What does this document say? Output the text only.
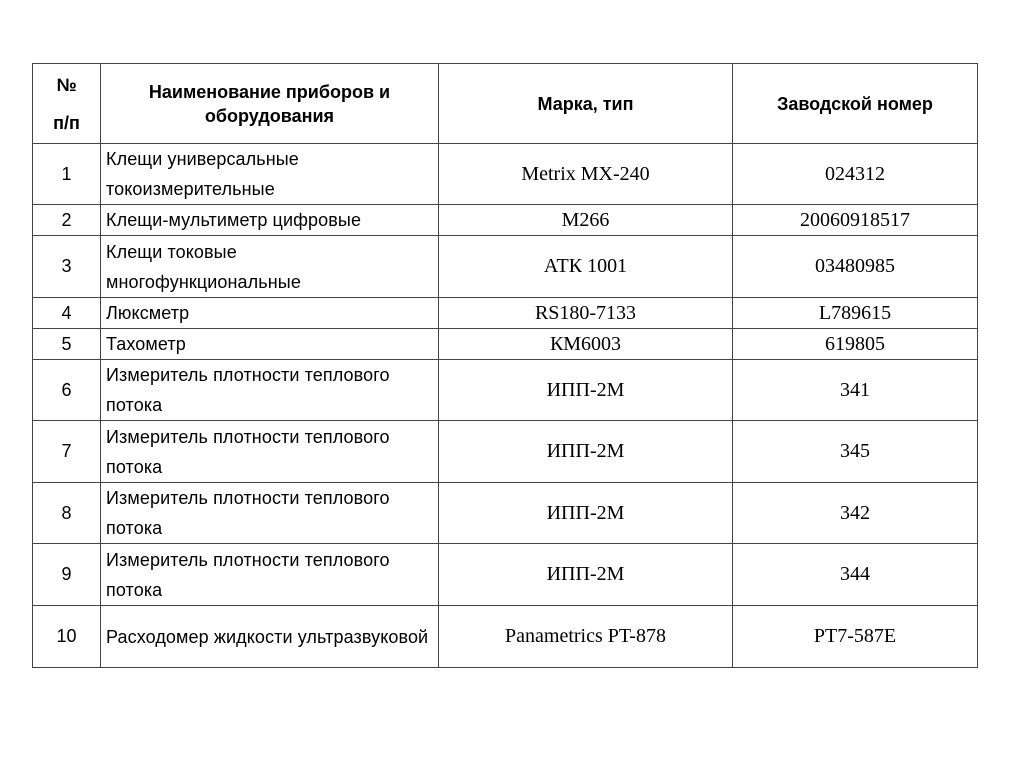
№
п/п	Наименование приборов и оборудования	Марка, тип	Заводской номер
1	Клещи универсальные токоизмерительные	Metrix MX-240	024312
2	Клещи-мультиметр цифровые	M266	20060918517
3	Клещи токовые многофункциональные	АТК 1001	03480985
4	Люксметр	RS180-7133	L789615
5	Тахометр	КМ6003	619805
6	Измеритель плотности теплового потока	ИПП-2М	341
7	Измеритель плотности теплового потока	ИПП-2М	345
8	Измеритель плотности теплового потока	ИПП-2М	342
9	Измеритель плотности теплового потока	ИПП-2М	344
10	Расходомер жидкости ультразвуковой	Panametrics PT-878	PT7-587E
